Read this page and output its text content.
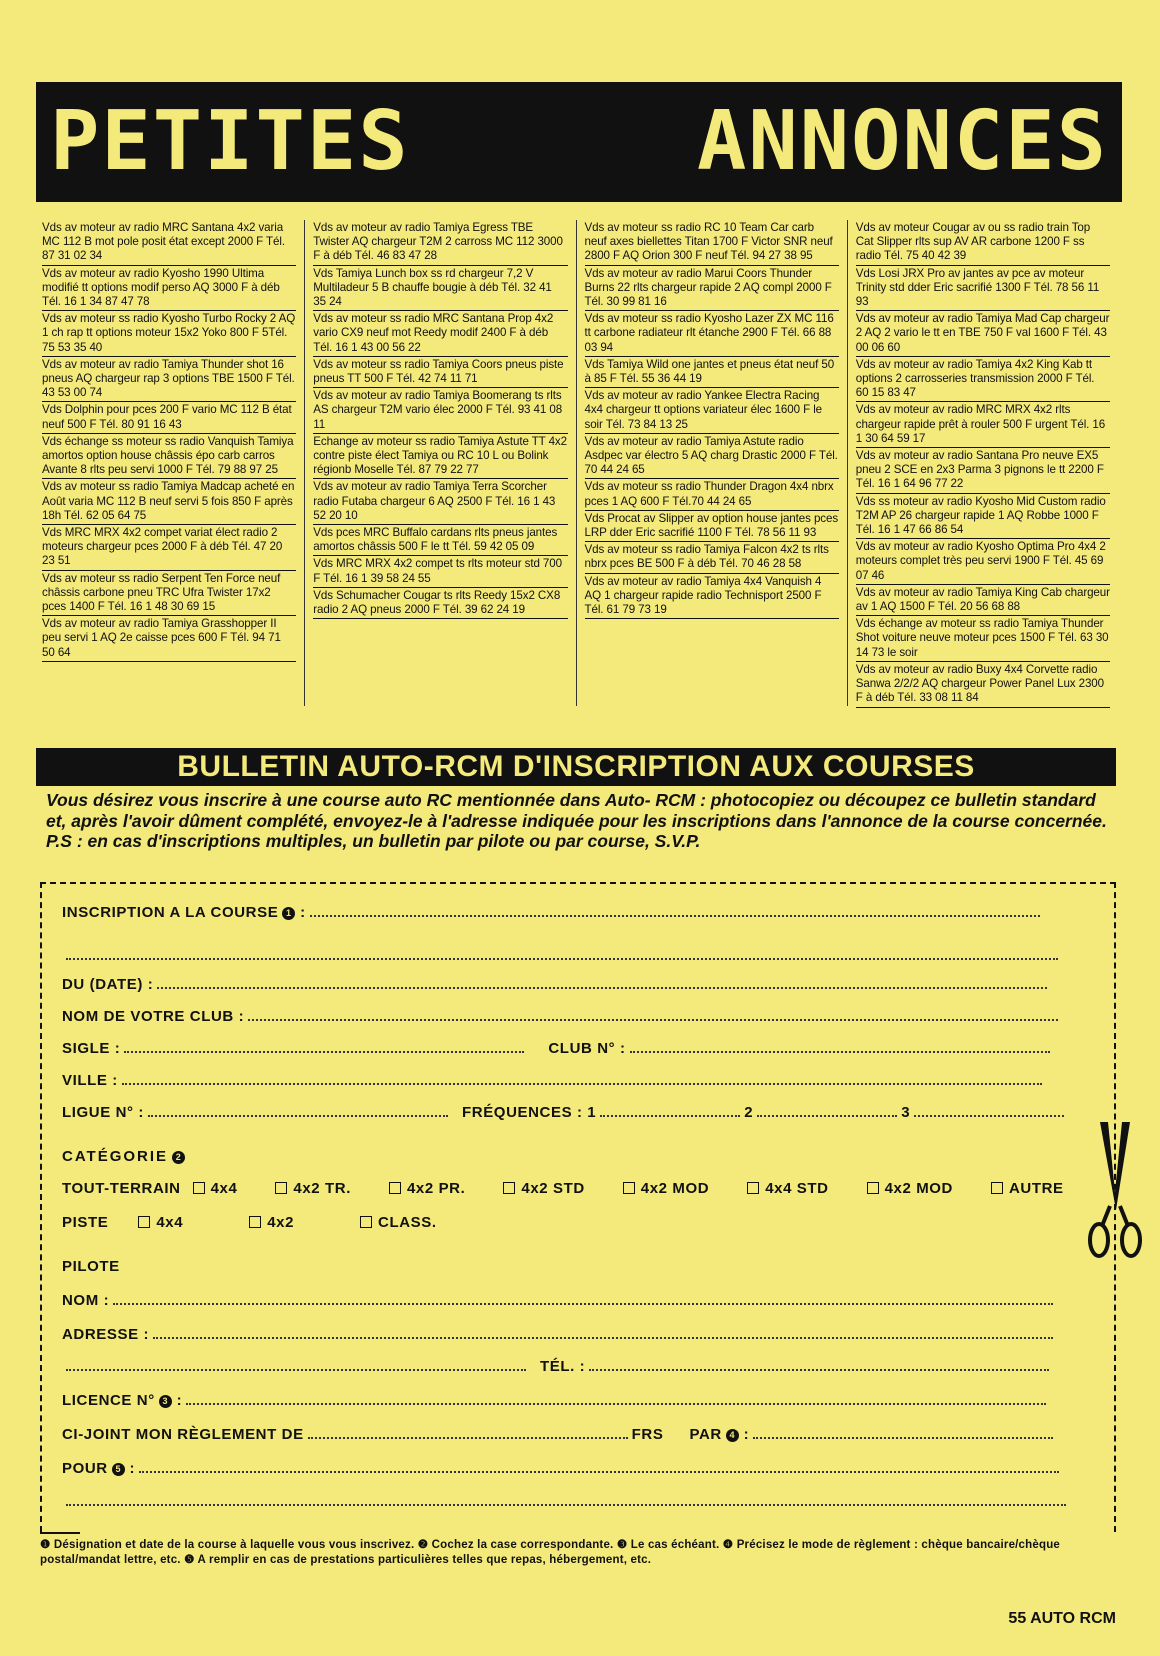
PETITES	ANNONCES
Vds av moteur av radio MRC Santana 4x2 varia MC 112 B mot pole posit état except 2000 F Tél. 87 31 02 34
Vds av moteur av radio Kyosho 1990 Ultima modifié tt options modif perso AQ 3000 F à déb Tél. 16 1 34 87 47 78
Vds av moteur ss radio Kyosho Turbo Rocky 2 AQ 1 ch rap tt options moteur 15x2 Yoko 800 F 5Tél. 75 53 35 40
Vds av moteur av radio Tamiya Thunder shot 16 pneus AQ chargeur rap 3 options TBE 1500 F Tél. 43 53 00 74
Vds Dolphin pour pces 200 F vario MC 112 B état neuf 500 F Tél. 80 91 16 43
Vds échange ss moteur ss radio Vanquish Tamiya amortos option house châssis épo carb carros Avante 8 rlts peu servi 1000 F Tél. 79 88 97 25
Vds av moteur ss radio Tamiya Madcap acheté en Août varia MC 112 B neuf servi 5 fois 850 F après 18h Tél. 62 05 64 75
Vds MRC MRX 4x2 compet variat élect radio 2 moteurs chargeur pces 2000 F à déb Tél. 47 20 23 51
Vds av moteur ss radio Serpent Ten Force neuf châssis carbone pneu TRC Ufra Twister 17x2 pces 1400 F Tél. 16 1 48 30 69 15
Vds av moteur av radio Tamiya Grasshopper II peu servi 1 AQ 2e caisse pces 600 F Tél. 94 71 50 64
Vds av moteur av radio Tamiya Egress TBE Twister AQ chargeur T2M 2 carross MC 112 3000 F à déb Tél. 46 83 47 28
Vds Tamiya Lunch box ss rd chargeur 7,2 V Multiladeur 5 B chauffe bougie à déb Tél. 32 41 35 24
Vds av moteur ss radio MRC Santana Prop 4x2 vario CX9 neuf mot Reedy modif 2400 F à déb Tél. 16 1 43 00 56 22
Vds av moteur ss radio Tamiya Coors pneus piste pneus TT 500 F Tél. 42 74 11 71
Vds av moteur av radio Tamiya Boomerang ts rlts AS chargeur T2M vario élec 2000 F Tél. 93 41 08 11
Echange av moteur ss radio Tamiya Astute TT 4x2 contre piste élect Tamiya ou RC 10 L ou Bolink régionb Moselle Tél. 87 79 22 77
Vds av moteur av radio Tamiya Terra Scorcher radio Futaba chargeur 6 AQ 2500 F Tél. 16 1 43 52 20 10
Vds pces MRC Buffalo cardans rlts pneus jantes amortos châssis 500 F le tt Tél. 59 42 05 09
Vds MRC MRX 4x2 compet ts rlts moteur std 700 F Tél. 16 1 39 58 24 55
Vds Schumacher Cougar ts rlts Reedy 15x2 CX8 radio 2 AQ pneus 2000 F Tél. 39 62 24 19
Vds av moteur ss radio RC 10 Team Car carb neuf axes biellettes Titan 1700 F Victor SNR neuf 2800 F AQ Orion 300 F neuf Tél. 94 27 38 95
Vds av moteur av radio Marui Coors Thunder Burns 22 rlts chargeur rapide 2 AQ compl 2000 F Tél. 30 99 81 16
Vds av moteur ss radio Kyosho Lazer ZX MC 116 tt carbone radiateur rlt étanche 2900 F Tél. 66 88 03 94
Vds Tamiya Wild one jantes et pneus état neuf 50 à 85 F Tél. 55 36 44 19
Vds av moteur av radio Yankee Electra Racing 4x4 chargeur tt options variateur élec 1600 F le soir Tél. 73 84 13 25
Vds av moteur av radio Tamiya Astute radio Asdpec var électro 5 AQ charg Drastic 2000 F Tél. 70 44 24 65
Vds av moteur ss radio Thunder Dragon 4x4 nbrx pces 1 AQ 600 F Tél.70 44 24 65
Vds Procat av Slipper av option house jantes pces LRP dder Eric sacrifié 1100 F Tél. 78 56 11 93
Vds av moteur ss radio Tamiya Falcon 4x2 ts rlts nbrx pces BE 500 F à déb Tél. 70 46 28 58
Vds av moteur av radio Tamiya 4x4 Vanquish 4 AQ 1 chargeur rapide radio Technisport 2500 F Tél. 61 79 73 19
Vds av moteur Cougar av ou ss radio train Top Cat Slipper rlts sup AV AR carbone 1200 F ss radio Tél. 75 40 42 39
Vds Losi JRX Pro av jantes av pce av moteur Trinity std dder Eric sacrifié 1300 F Tél. 78 56 11 93
Vds av moteur av radio Tamiya Mad Cap chargeur 2 AQ 2 vario le tt en TBE 750 F val 1600 F Tél. 43 00 06 60
Vds av moteur av radio Tamiya 4x2 King Kab tt options 2 carrosseries transmission 2000 F Tél. 60 15 83 47
Vds av moteur av radio MRC MRX 4x2 rlts chargeur rapide prêt à rouler 500 F urgent Tél. 16 1 30 64 59 17
Vds av moteur av radio Santana Pro neuve EX5 pneu 2 SCE en 2x3 Parma 3 pignons le tt 2200 F Tél. 16 1 64 96 77 22
Vds ss moteur av radio Kyosho Mid Custom radio T2M AP 26 chargeur rapide 1 AQ Robbe 1000 F Tél. 16 1 47 66 86 54
Vds av moteur av radio Kyosho Optima Pro 4x4 2 moteurs complet très peu servi 1900 F Tél. 45 69 07 46
Vds av moteur av radio Tamiya King Cab chargeur av 1 AQ 1500 F Tél. 20 56 68 88
Vds échange av moteur ss radio Tamiya Thunder Shot voiture neuve moteur pces 1500 F Tél. 63 30 14 73 le soir
Vds av moteur av radio Buxy 4x4 Corvette radio Sanwa 2/2/2 AQ chargeur Power Panel Lux 2300 F à déb Tél. 33 08 11 84
BULLETIN AUTO-RCM D'INSCRIPTION AUX COURSES
Vous désirez vous inscrire à une course auto RC mentionnée dans Auto- RCM : photocopiez ou découpez ce bulletin standard et, après l'avoir dûment complété, envoyez-le à l'adresse indiquée pour les inscriptions dans l'annonce de la course concernée. P.S : en cas d'inscriptions multiples, un bulletin par pilote ou par course, S.V.P.
INSCRIPTION A LA COURSE 1 :
DU (DATE) :
NOM DE VOTRE CLUB :
SIGLE :	CLUB N° :
VILLE :
LIGUE N° :	FRÉQUENCES : 1	2	3
CATÉGORIE 2
TOUT-TERRAIN 4x4	4x2 TR.	4x2 PR.	4x2 STD	4x2 MOD	4x4 STD	4x2 MOD	AUTRE
PISTE	4x4	4x2	CLASS.
PILOTE
NOM :
ADRESSE :
TÉL. :
LICENCE N° 3 :
CI-JOINT MON RÈGLEMENT DE	FRS PAR 4 :
POUR 5 :
❶ Désignation et date de la course à laquelle vous vous inscrivez. ❷ Cochez la case correspondante. ❸ Le cas échéant. ❹ Précisez le mode de règlement : chèque bancaire/chèque postal/mandat lettre, etc. ❺ A remplir en cas de prestations particulières telles que repas, hébergement, etc.
55 AUTO RCM
